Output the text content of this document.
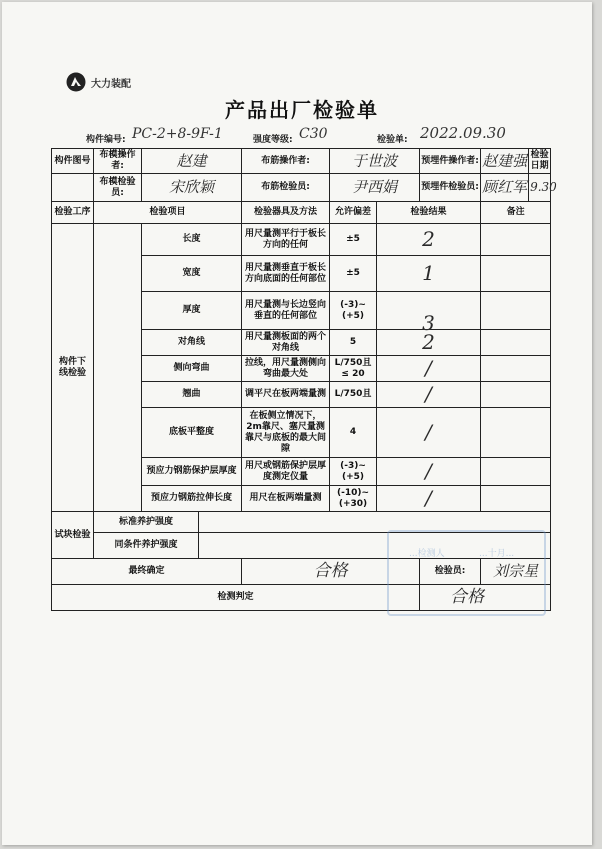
大力装配
产品出厂检验单
构件编号: PC-2+8-9F-1	强度等级: C30	检验单: 2022.09.30
构件图号	布模操作者:	赵建		布筋操作者:	于世波		预埋件操作者:	赵建强	检验日期
	布模检验员:	宋欣颖		布筋检验员:	尹西娟		预埋件检验员:	顾红军	9.30
检验工序	检验项目			检验器具及方法	允许偏差	检验结果		备注	
构件下线检验		长度		用尺量测平行于板长方向的任何	±5	2			
		宽度		用尺量测垂直于板长方向底面的任何部位	±5	1			
		厚度		用尺量测与长边竖向垂直的任何部位	(-3)~(+5)	3			
		对角线		用尺量测板面的两个对角线	5	2			
		侧向弯曲		拉线，用尺量测侧向弯曲最大处	L/750且 ≤ 20	/			
		翘曲		调平尺在板两端量测	L/750且	/			
		底板平整度		在板侧立情况下，2m靠尺、塞尺量测靠尺与底板的最大间隙	4	/			
		预应力钢筋保护层厚度		用尺或钢筋保护层厚度测定仪量	(-3)~(+5)	/			
		预应力钢筋拉伸长度		用尺在板两端量测	(-10)~(+30)	/			
试块检验	标准养护强度								
	同条件养护强度								
最终确定				合格			检验员:	刘宗星	
检测判定							合格		
...检测人	...十月...
